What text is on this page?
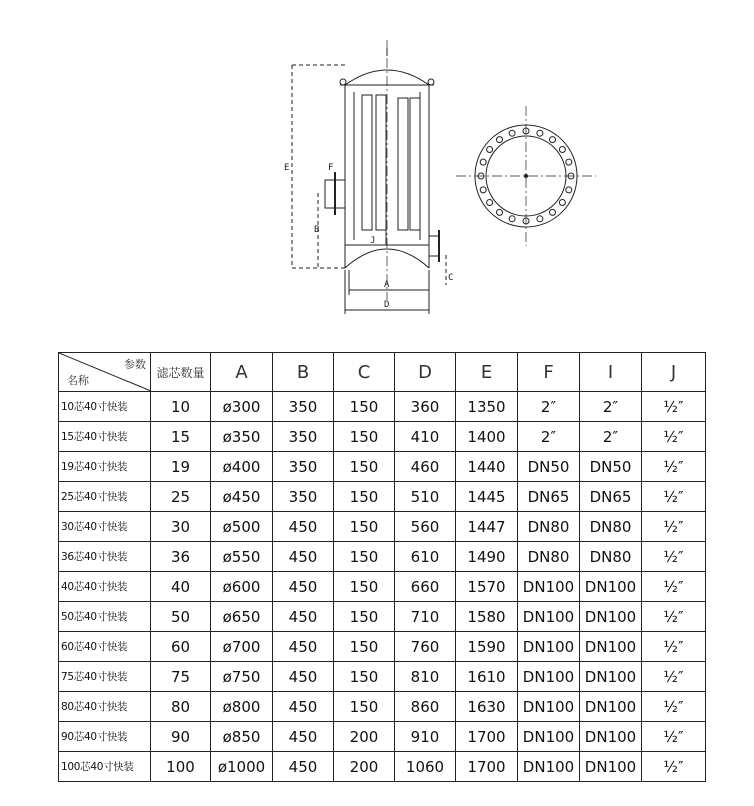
E	F
B
J
A
D
C
参数
名称	滤芯数量	A	B	C	D	E	F	I	J
10芯40寸快装	10	ø300	350	150	360	1350	2″	2″	½″
15芯40寸快装	15	ø350	350	150	410	1400	2″	2″	½″
19芯40寸快装	19	ø400	350	150	460	1440	DN50	DN50	½″
25芯40寸快装	25	ø450	350	150	510	1445	DN65	DN65	½″
30芯40寸快装	30	ø500	450	150	560	1447	DN80	DN80	½″
36芯40寸快装	36	ø550	450	150	610	1490	DN80	DN80	½″
40芯40寸快装	40	ø600	450	150	660	1570	DN100	DN100	½″
50芯40寸快装	50	ø650	450	150	710	1580	DN100	DN100	½″
60芯40寸快装	60	ø700	450	150	760	1590	DN100	DN100	½″
75芯40寸快装	75	ø750	450	150	810	1610	DN100	DN100	½″
80芯40寸快装	80	ø800	450	150	860	1630	DN100	DN100	½″
90芯40寸快装	90	ø850	450	200	910	1700	DN100	DN100	½″
100芯40寸快装	100	ø1000	450	200	1060	1700	DN100	DN100	½″
